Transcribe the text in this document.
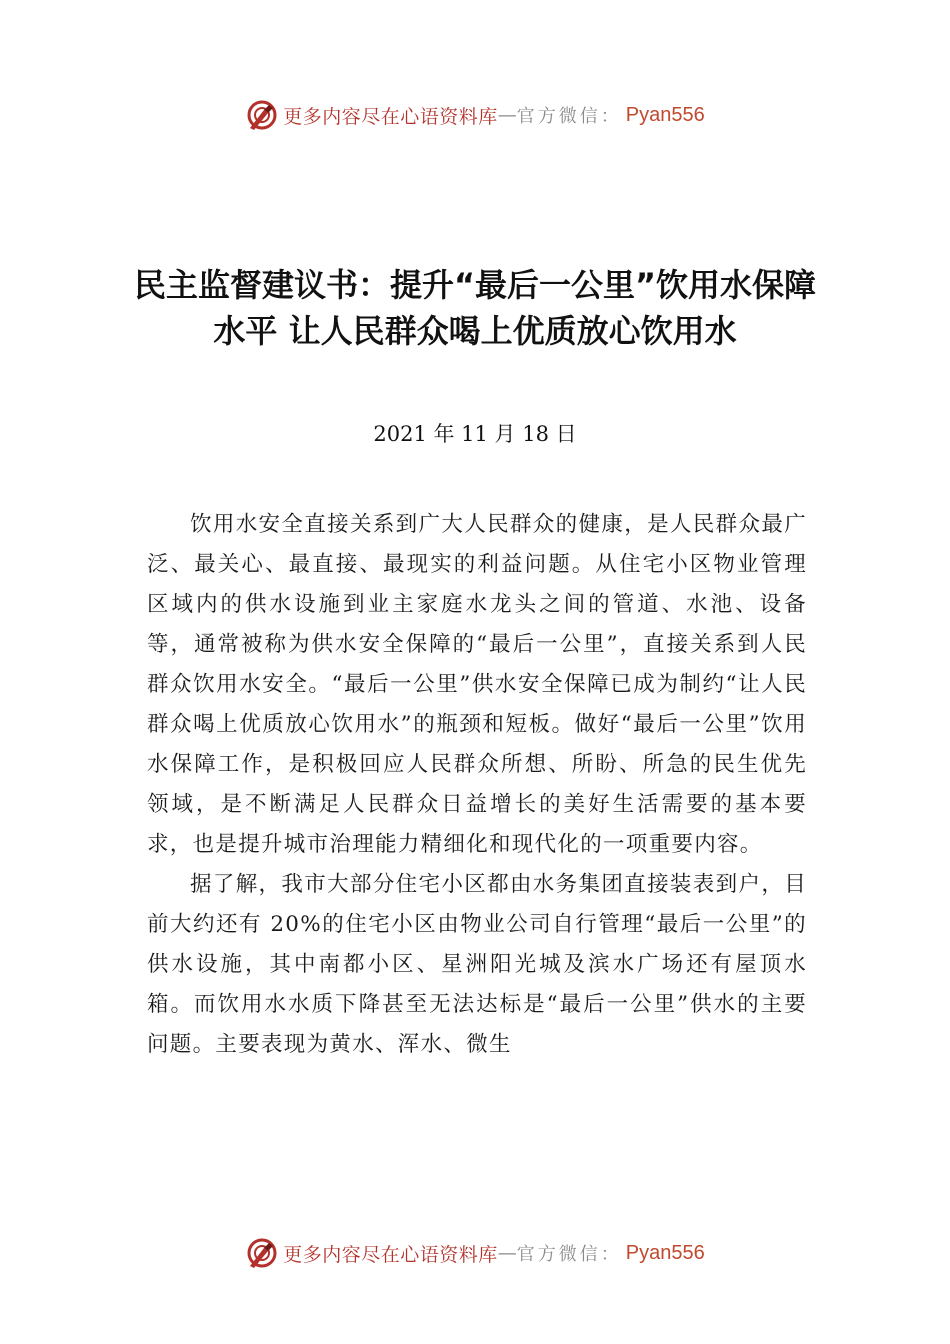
更多内容尽在心语资料库 — 官方微信： Pyan556
民主监督建议书：提升“最后一公里”饮用水保障水平 让人民群众喝上优质放心饮用水
2021 年 11 月 18 日

饮用水安全直接关系到广大人民群众的健康，是人民群众最广泛、最关心、最直接、最现实的利益问题。从住宅小区物业管理区域内的供水设施到业主家庭水龙头之间的管道、水池、设备等，通常被称为供水安全保障的“最后一公里”，直接关系到人民群众饮用水安全。“最后一公里”供水安全保障已成为制约“让人民群众喝上优质放心饮用水”的瓶颈和短板。做好“最后一公里”饮用水保障工作，是积极回应人民群众所想、所盼、所急的民生优先领域，是不断满足人民群众日益增长的美好生活需要的基本要求，也是提升城市治理能力精细化和现代化的一项重要内容。

据了解，我市大部分住宅小区都由水务集团直接装表到户，目前大约还有 20%的住宅小区由物业公司自行管理“最后一公里”的供水设施，其中南都小区、星洲阳光城及滨水广场还有屋顶水箱。而饮用水水质下降甚至无法达标是“最后一公里”供水的主要问题。主要表现为黄水、浑水、微生

更多内容尽在心语资料库 — 官方微信： Pyan556
